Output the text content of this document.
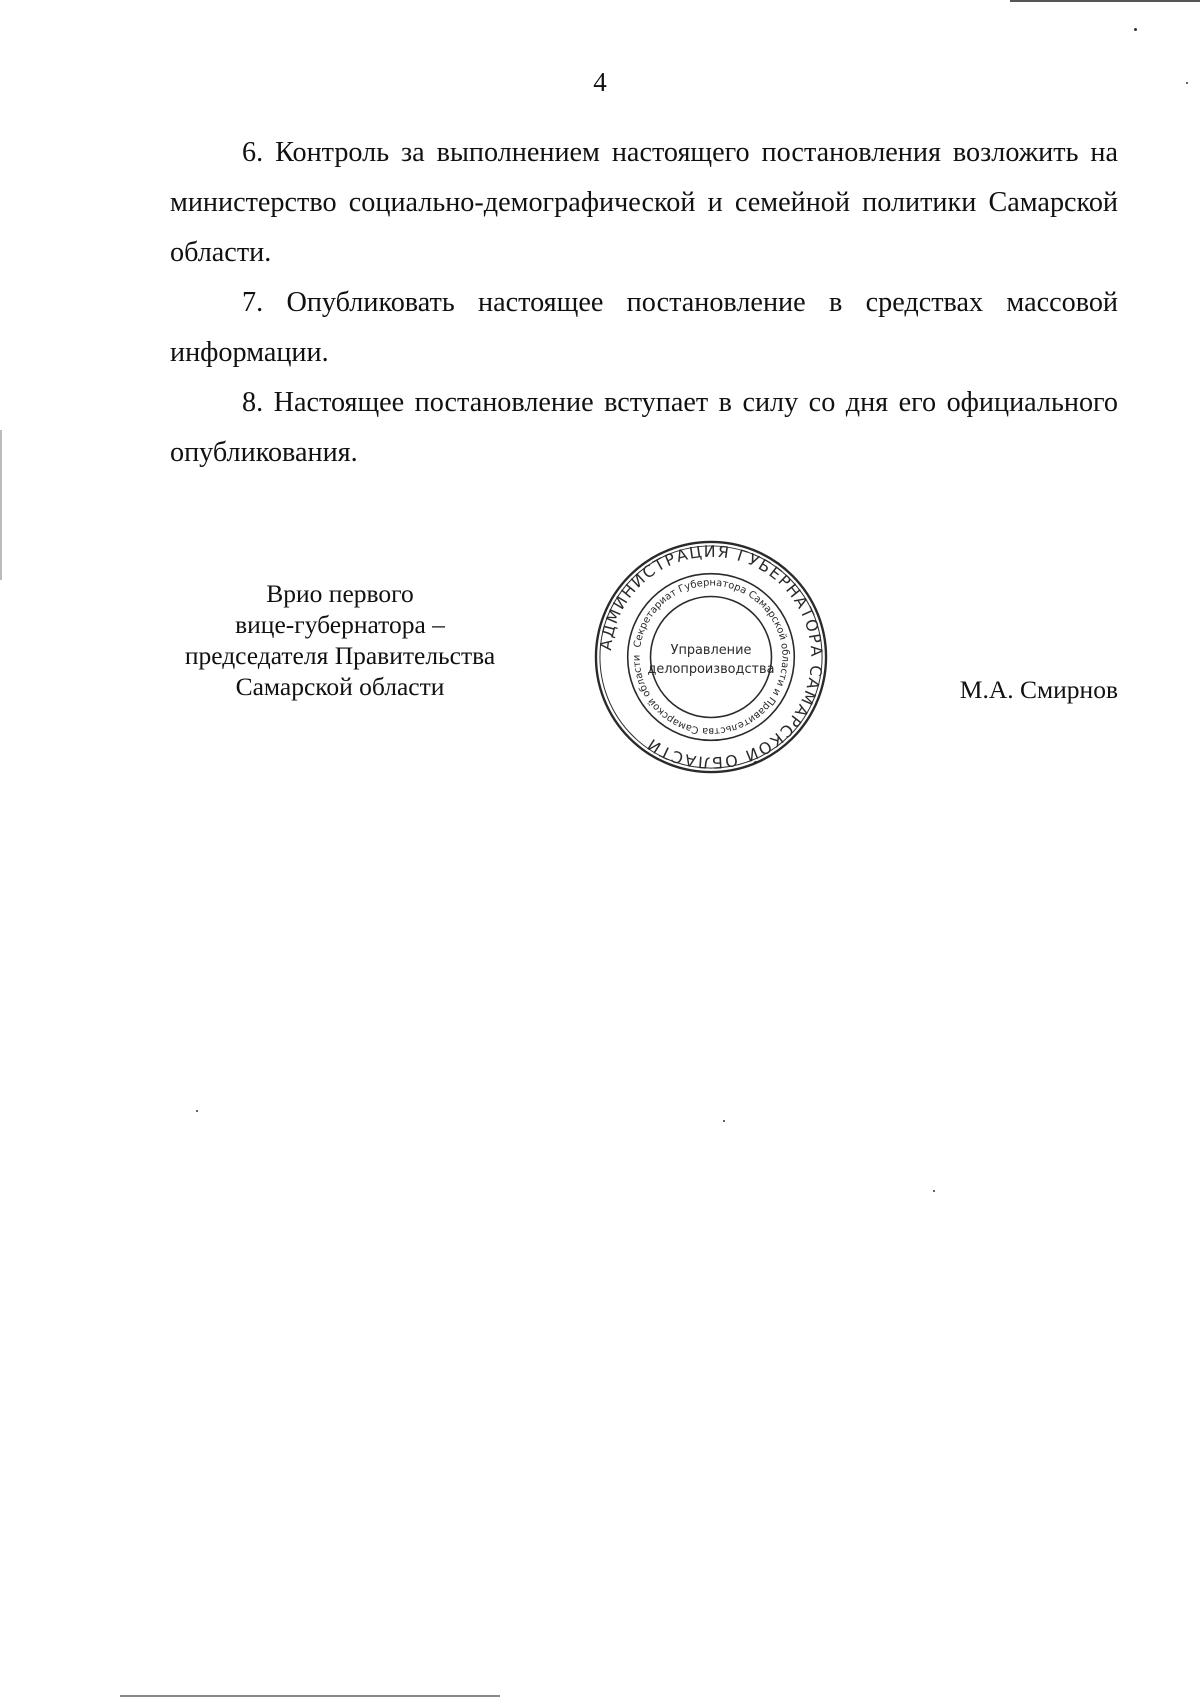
4

6. Контроль за выполнением настоящего постановления возложить на министерство социально-демографической и семейной политики Самарской области.

7. Опубликовать настоящее постановление в средствах массовой информации.

8. Настоящее постановление вступает в силу со дня его официального опубликования.

Врио первого
вице-губернатора –
председателя Правительства
Самарской области
АДМИНИСТРАЦИЯ ГУБЕРНАТОРА САМАРСКОЙ ОБЛАСТИ
Секретариат Губернатора Самарской области и Правительства Самарской области	Управление
делопроизводства
М.А. Смирнов
